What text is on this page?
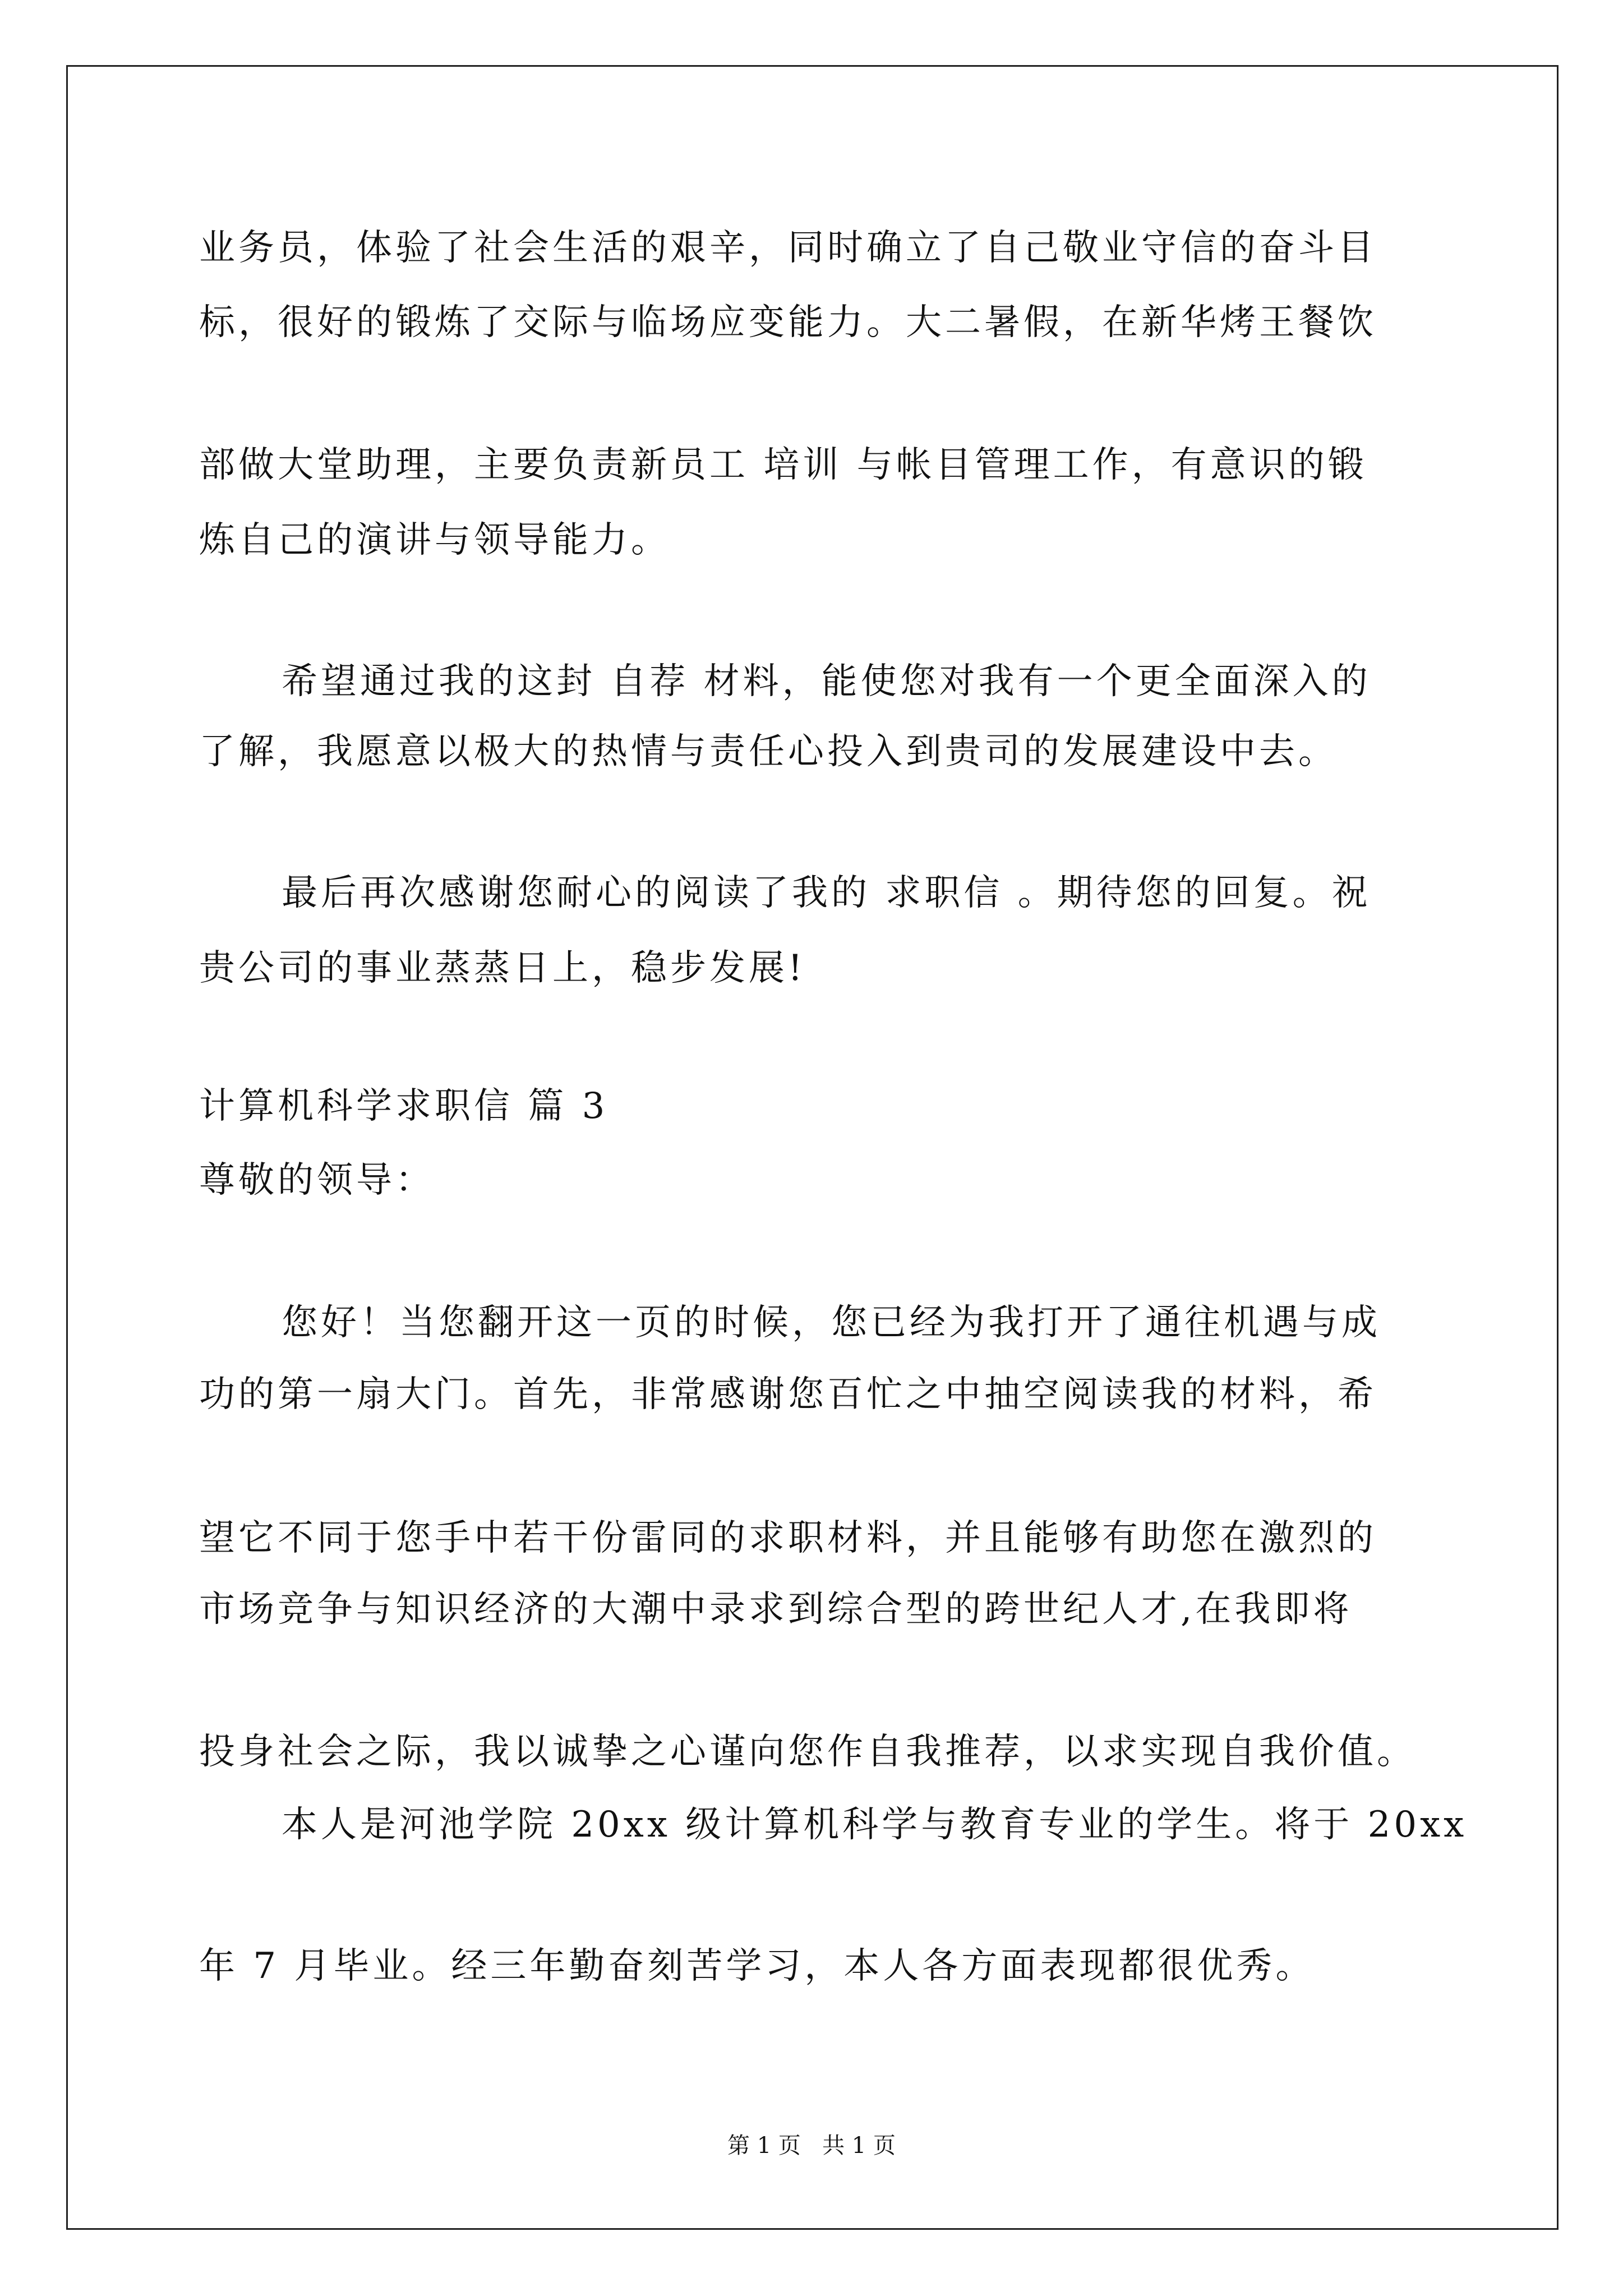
业务员，体验了社会生活的艰辛，同时确立了自己敬业守信的奋斗目
标，很好的锻炼了交际与临场应变能力。大二暑假，在新华烤王餐饮
部做大堂助理，主要负责新员工 培训 与帐目管理工作，有意识的锻
炼自己的演讲与领导能力。
希望通过我的这封 自荐 材料，能使您对我有一个更全面深入的
了解，我愿意以极大的热情与责任心投入到贵司的发展建设中去。
最后再次感谢您耐心的阅读了我的 求职信 。期待您的回复。祝
贵公司的事业蒸蒸日上，稳步发展!
计算机科学求职信 篇 3
尊敬的领导：
您好！当您翻开这一页的时候，您已经为我打开了通往机遇与成
功的第一扇大门。首先，非常感谢您百忙之中抽空阅读我的材料，希
望它不同于您手中若干份雷同的求职材料，并且能够有助您在激烈的
市场竞争与知识经济的大潮中录求到综合型的跨世纪人才,在我即将
投身社会之际，我以诚挚之心谨向您作自我推荐，以求实现自我价值。
本人是河池学院 20xx 级计算机科学与教育专业的学生。将于 20xx
年 7 月毕业。经三年勤奋刻苦学习，本人各方面表现都很优秀。
第 1 页   共 1 页
